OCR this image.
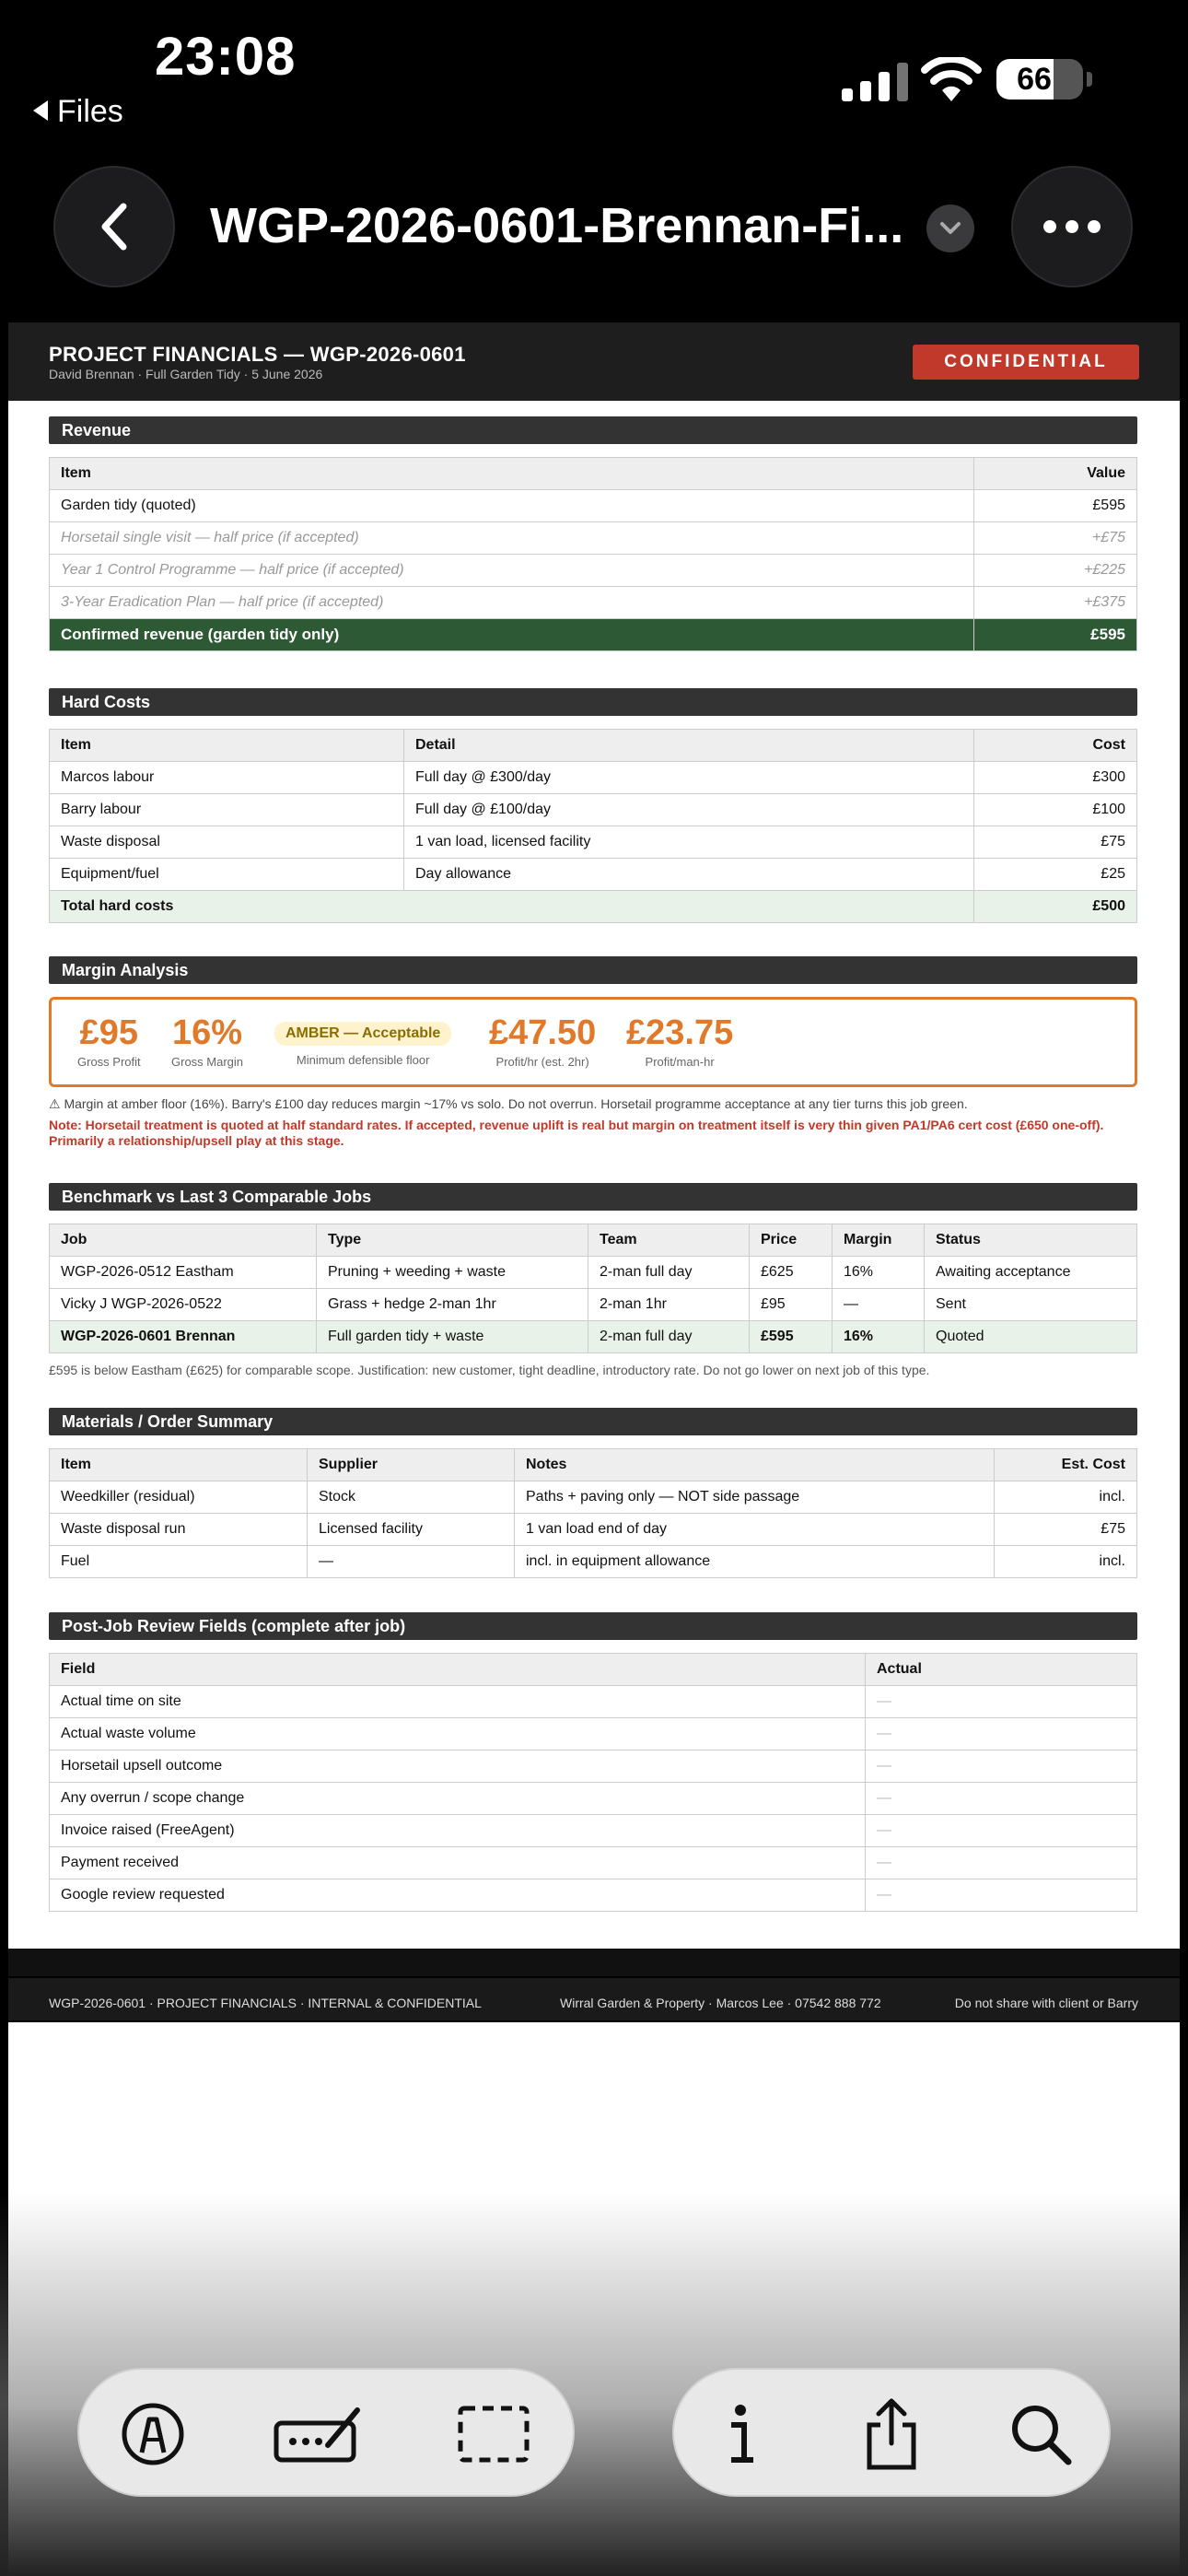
23:08
Files
66
WGP-2026-0601-Brennan-Fi...
PROJECT FINANCIALS — WGP-2026-0601
David Brennan · Full Garden Tidy · 5 June 2026
CONFIDENTIAL
Revenue
Item	Value
Garden tidy (quoted)	£595
Horsetail single visit — half price (if accepted)	+£75
Year 1 Control Programme — half price (if accepted)	+£225
3-Year Eradication Plan — half price (if accepted)	+£375
Confirmed revenue (garden tidy only)	£595
Hard Costs
Item	Detail	Cost
Marcos labour	Full day @ £300/day	£300
Barry labour	Full day @ £100/day	£100
Waste disposal	1 van load, licensed facility	£75
Equipment/fuel	Day allowance	£25
Total hard costs		£500
Margin Analysis
£95
Gross Profit
16%
Gross Margin
AMBER — Acceptable
Minimum defensible floor
£47.50
Profit/hr (est. 2hr)
£23.75
Profit/man-hr
⚠ Margin at amber floor (16%). Barry's £100 day reduces margin ~17% vs solo. Do not overrun. Horsetail programme acceptance at any tier turns this job green.
Note: Horsetail treatment is quoted at half standard rates. If accepted, revenue uplift is real but margin on treatment itself is very thin given PA1/PA6 cert cost (£650 one-off). Primarily a relationship/upsell play at this stage.
Benchmark vs Last 3 Comparable Jobs
Job	Type	Team	Price	Margin	Status
WGP-2026-0512 Eastham	Pruning + weeding + waste	2-man full day	£625	16%	Awaiting acceptance
Vicky J WGP-2026-0522	Grass + hedge 2-man 1hr	2-man 1hr	£95	—	Sent
WGP-2026-0601 Brennan	Full garden tidy + waste	2-man full day	£595	16%	Quoted
£595 is below Eastham (£625) for comparable scope. Justification: new customer, tight deadline, introductory rate. Do not go lower on next job of this type.
Materials / Order Summary
Item	Supplier	Notes	Est. Cost
Weedkiller (residual)	Stock	Paths + paving only — NOT side passage	incl.
Waste disposal run	Licensed facility	1 van load end of day	£75
Fuel	—	incl. in equipment allowance	incl.
Post-Job Review Fields (complete after job)
Field	Actual
Actual time on site	—
Actual waste volume	—
Horsetail upsell outcome	—
Any overrun / scope change	—
Invoice raised (FreeAgent)	—
Payment received	—
Google review requested	—
WGP-2026-0601 · PROJECT FINANCIALS · INTERNAL & CONFIDENTIAL	Wirral Garden & Property · Marcos Lee · 07542 888 772	Do not share with client or Barry
